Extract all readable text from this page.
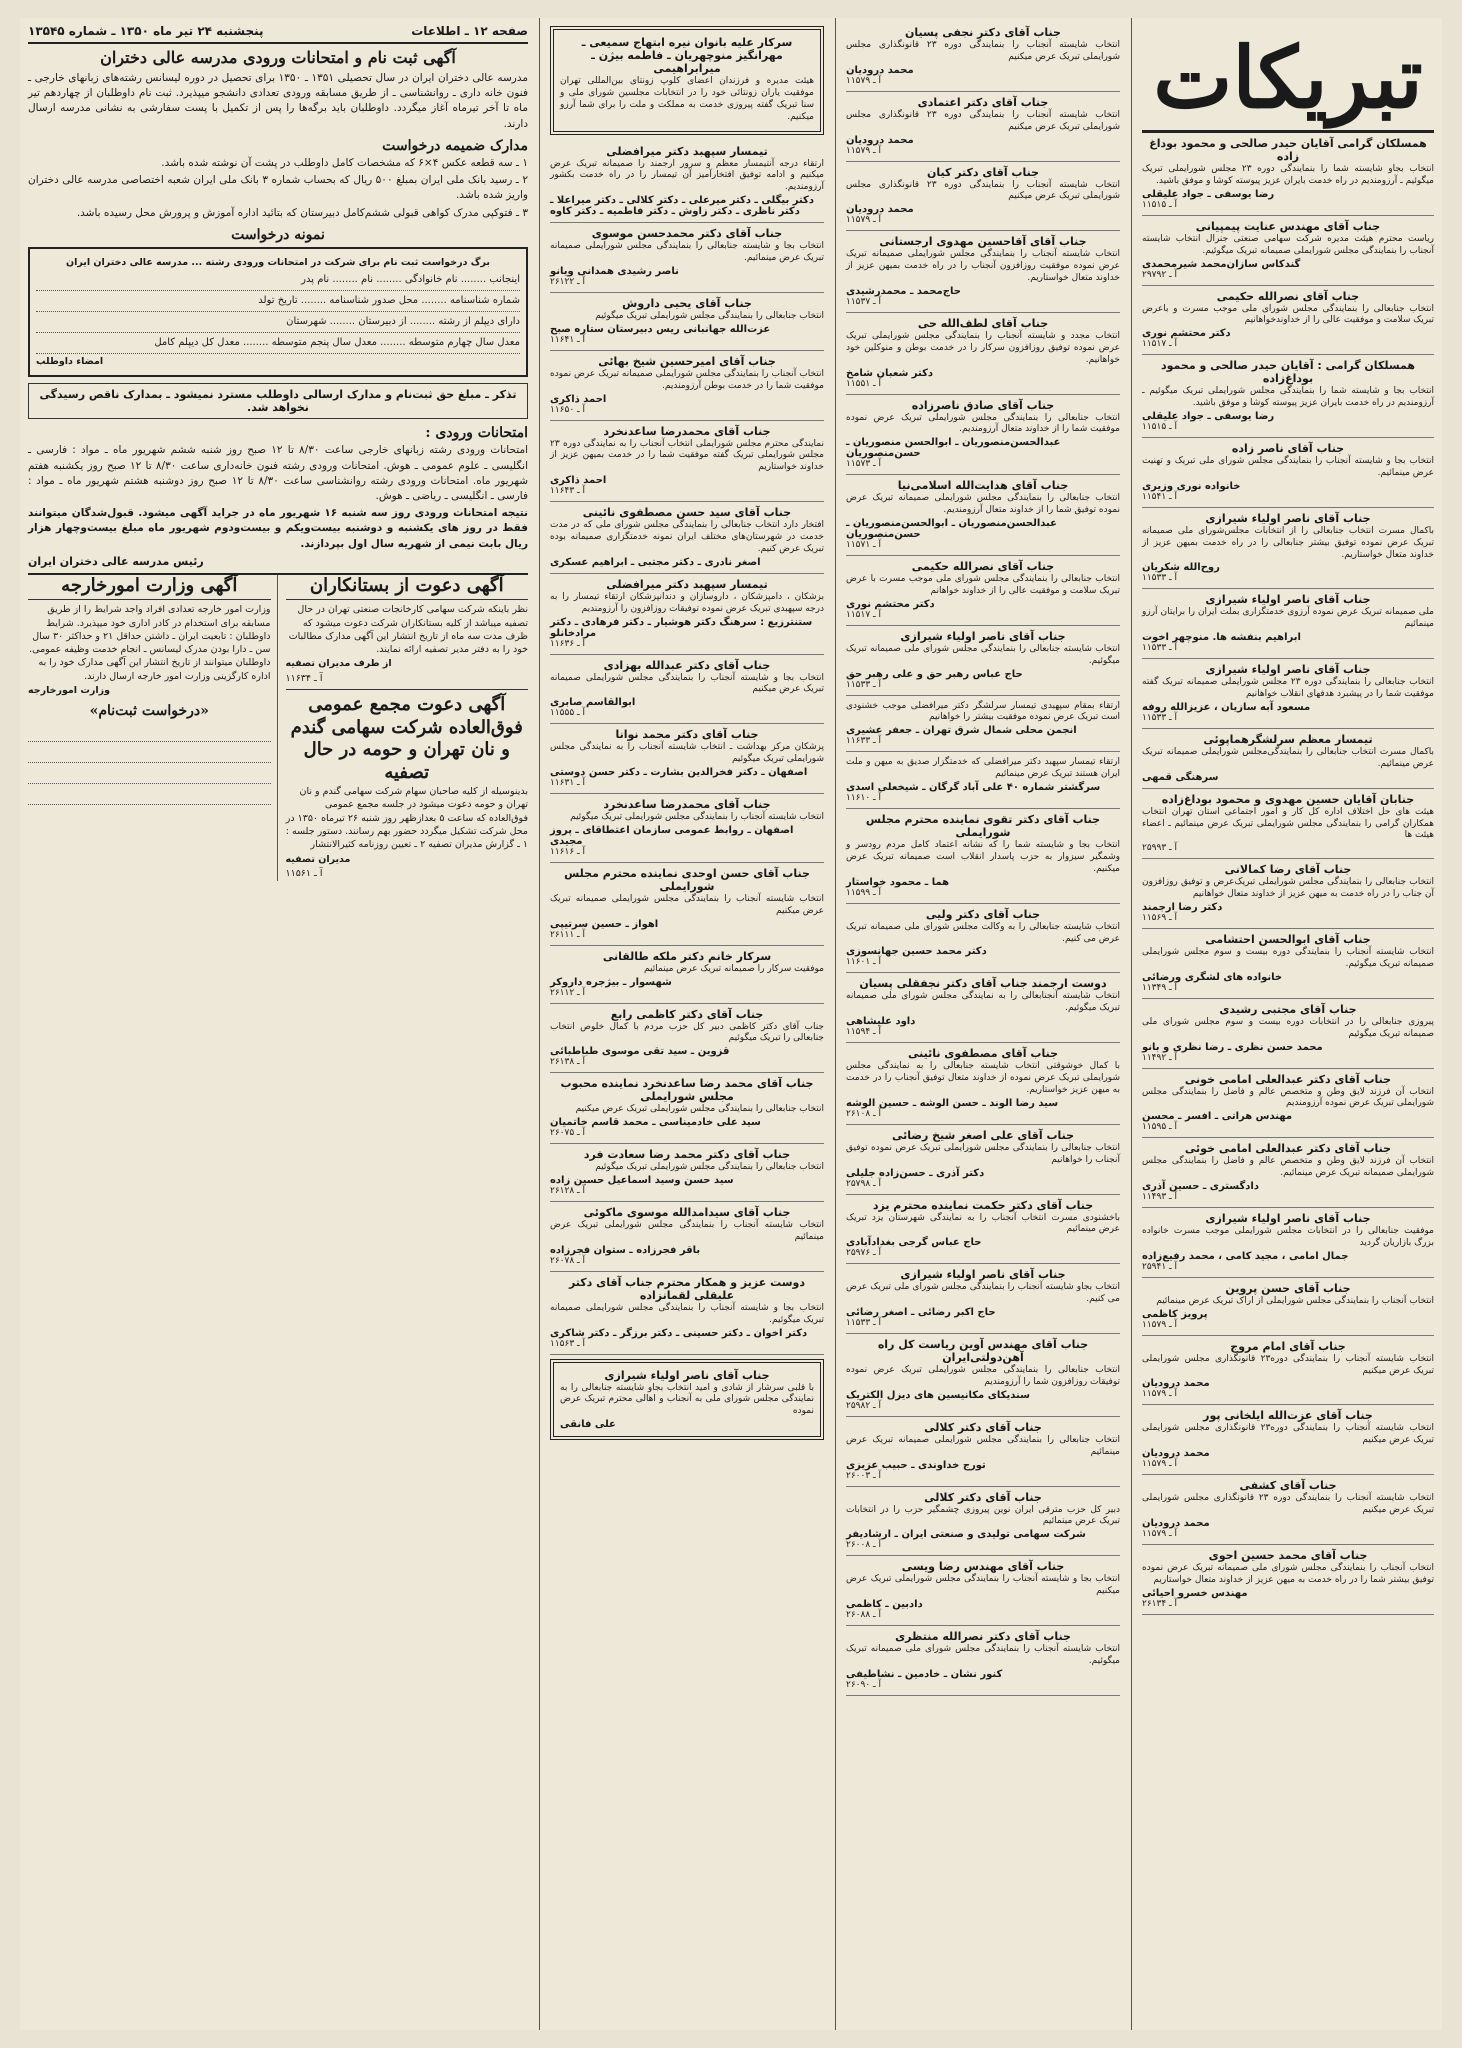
تبریکات
همسلکان گرامی آقایان حیدر صالحی و محمود بوداغ زاده

انتخاب بجاو شایسته شما را بنمایندگی دوره ۲۳ مجلس شورایملی تبریک میگوئیم ـ آرزومندیم در راه خدمت بایران عزیز پیوسته کوشا و موفق باشید.

رضا یوسفی ـ جواد علیقلی
آ ـ ۱۱۵۱۵
جناب آقای مهندس عنایت پیمپیانی

ریاست محترم هیئت مدیره شرکت سهامی صنعتی جنرال انتخاب شایسته آنجناب را بنمایندگی مجلس شورایملی صمیمانه تبریک میگوئیم.

گندکاس سازان‌محمد شیرمحمدی
آ ـ ۲۹۷۹۲
جناب آقای نصرالله حکیمی

انتخاب جنابعالی را بنمایندگی مجلس شورای ملی موجب مسرت و باعرض تبریک سلامت و موفقیت عالی را از خداوندخواهانیم

دکتر محتشم نوری
آ ـ ۱۱۵۱۷
همسلکان گرامی : آقایان حیدر صالحی و محمود بوداغ‌زاده

انتخاب بجا و شایسته شما را بنمایندگی مجلس شورایملی تبریک میگوئیم ـ آرزومندیم در راه خدمت بایران عزیز پیوسته کوشا و موفق باشید.

رضا یوسفی ـ جواد علیقلی
آ ـ ۱۱۵۱۵
جناب آقای ناصر زاده

انتخاب بجا و شایسته آنجناب را بنمایندگی مجلس شورای ملی تبریک و تهنیت عرض مینمائیم.

خانواده نوری وزیری
آ ـ ۱۱۵۴۱
جناب آقای ناصر اولیاء شیرازی

باکمال مسرت انتخاب جنابعالی را از انتخابات مجلس‌شورای ملی صمیمانه تبریک عرض نموده توفیق بیشتر جنابعالی را در راه خدمت بمیهن عزیز از خداوند متعال خواستاریم.

روح‌الله شکریان
آ ـ ۱۱۵۳۳
جناب آقای ناصر اولیاء شیرازی

ملی صمیمانه تبریک عرض نموده آرزوی خدمتگزاری بملت ایران را برایتان آرزو مینمائیم

ابراهیم بنفشه ها. منوچهر اخوت
آ ـ ۱۱۵۳۳
جناب آقای ناصر اولیاء شیرازی

انتخاب جنابعالی را بنمایندگی دوره ۲۳ مجلس شورایملی صمیمانه تبریک گفته موفقیت شما را در پیشبرد هدفهای انقلاب خواهانیم

مسعود آبه سازیان ، عزیزالله روفه
آ ـ ۱۱۵۳۳
تیمسار معظم سرلشگر‌هماپوئی

باکمال مسرت انتخاب جنابعالی را بنمایندگی‌مجلس شورایملی صمیمانه تبریک عرض مینمائیم.

سرهنگی قمهی
جنابان آقایان حسین مهدوی و محمود بوداغ‌زاده

هیئت های حل اختلاف اداره کل کار و امور اجتماعی استان تهران انتخاب همکاران گرامی را بنمایندگی مجلس شورایملی تبریک عرض مینمائیم ـ اعضاء هیئت ها

آ ـ ۲۵۹۹۳
جناب آقای رضا کمالانی

انتخاب جنابعالی را بنمایندگی مجلس شورایملی تبریک‌عرض و توفیق روزافزون آن جناب را در راه خدمت به میهن عزیز از خداوند متعال خواهانیم

دکتر رضا ارجمند
آ ـ ۱۱۵۶۹
جناب آقای ابوالحسن احتشامی

انتخاب شایسته آنجناب را بنمایندگی دوره بیست و سوم مجلس شورایملی صمیمانه تبریک میگوئیم.

خانواده های لشگری ورضائی
آ ـ ۱۱۳۴۹
جناب آقای مجتبی رشیدی

پیروزی جنابعالی را در انتخابات دوره بیست و سوم مجلس شورای ملی صمیمانه تبریک میگوئیم

محمد حسن نظری ـ رضا نظری و بانو
آ ـ ۱۱۴۹۲
جناب آقای دکتر عبدالعلی امامی خونی

انتخاب آن فرزند لایق وطن و متخصص عالم و فاضل را بنمایندگی مجلس شورایملی تبریک عرض نموده آرزومندیم

مهندس هراتی ـ افسر ـ محسن
آ ـ ۱۱۵۹۵
جناب آقای دکتر عبدالعلی امامی خوئی

انتخاب آن فرزند لایق وطن و متخصص عالم و فاضل را بنمایندگی مجلس شورایملی صمیمانه تبریک عرض مینمائیم.

دادگستری ـ حسین آذری
آ ـ ۱۱۴۹۳
جناب آقای ناصر اولیاء شیرازی

موفقیت جنابعالی را در انتخابات مجلس شورایملی موجب مسرت خانواده بزرگ بازاریان گردید

جمال امامی ، مجید کامی ، محمد رفیع‌زاده
آ ـ ۲۵۹۴۱
جناب آقای حسن پروین

انتخاب آنجناب را بنمایندگی مجلس شورایملی از اراک تبریک عرض مینمائیم

پرویز کاظمی
آ ـ ۱۱۵۷۹
جناب آقای امام مروج

انتخاب شایسته آنجناب را بنمایندگی دوره۲۳ قانونگذاری مجلس شورایملی تبریک عرض میکنیم

محمد درودیان
آ ـ ۱۱۵۷۹
جناب آقای عزت‌الله ایلخانی پور

انتخاب شایسته آنجناب را بنمایندگی دوره۲۳ قانونگذاری مجلس شورایملی تبریک عرض میکنیم

محمد درودیان
آ ـ ۱۱۵۷۹
جناب آقای کشفی

انتخاب شایسته آنجناب را بنمایندگی دوره ۲۳ قانونگذاری مجلس شورایملی تبریک عرض میکنیم

محمد درودیان
آ ـ ۱۱۵۷۹
جناب آقای محمد حسین احوی

انتخاب آنجناب را بنمایندگی مجلس شورای ملی صمیمانه تبریک عرض نموده توفیق بیشتر شما را در راه خدمت به میهن عزیز از خداوند متعال خواستاریم

مهندس خسرو احیائی
آ ـ ۲۶۱۳۴
جناب آقای دکتر نجفی پسیان

انتخاب شایسته آنجناب را بنمایندگی دوره ۲۳ قانونگذاری مجلس شورایملی تبریک عرض میکنیم

محمد درودیان
آ ـ ۱۱۵۷۹
جناب آقای دکتر اعتمادی

انتخاب شایسته آنجناب را بنمایندگی دوره ۲۳ قانونگذاری مجلس شورایملی تبریک عرض میکنیم

محمد درودیان
آ ـ ۱۱۵۷۹
جناب آقای دکتر کیان

انتخاب شایسته آنجناب را بنمایندگی دوره ۲۳ قانونگذاری مجلس شورایملی تبریک عرض میکنیم

محمد درودیان
آ ـ ۱۱۵۷۹
جناب آقای آقاحسین مهدوی ارجستانی

انتخاب شایسته آنجناب را بنمایندگی مجلس شورایملی صمیمانه تبریک عرض نموده موفقیت روزافزون آنجناب را در راه خدمت بمیهن عزیز از خداوند متعال خواستاریم.

حاج‌محمد ـ محمدرشیدی
آ ـ ۱۱۵۳۷
جناب آقای لطف‌الله حی

انتخاب مجدد و شایسته آنجناب را بنمایندگی مجلس شورایملی تبریک عرض نموده توفیق روزافزون سرکار را در خدمت بوطن و منوکلین خود خواهانیم.

دکتر شعبان شامخ
آ ـ ۱۱۵۵۱
جناب آقای صادق ناصرزاده

انتخاب جنابعالی را بنمایندگی مجلس شورایملی تبریک عرض نموده موفقیت شما را از خداوند متعال آرزومندیم.

عبدالحسن‌منصوریان ـ ابوالحسن منصوریان ـ حسن‌منصوریان
آ ـ ۱۱۵۷۳
جناب آقای هدایت‌الله اسلامی‌نیا

انتخاب جنابعالی را بنمایندگی مجلس شورایملی صمیمانه تبریک عرض نموده توفیق شما را از خداوند متعال آرزومندیم.

عبدالحسن‌منصوریان ـ ابوالحسن‌منصوریان ـ حسن‌منصوریان
آ ـ ۱۱۵۷۱
جناب آقای نصرالله حکیمی

انتخاب جنابعالی را بنمایندگی مجلس شورای ملی موجب مسرت با عرض تبریک سلامت و موفقیت عالی را از خداوند خواهانم

دکتر محتشم نوری
آ ـ ۱۱۵۱۷
جناب آقای ناصر اولیاء شیرازی

انتخاب شایسته جنابعالی را بنمایندگی مجلس شورای ملی صمیمانه تبریک میگوئیم.

حاج عباس رهبر حق و علی رهبر حق
آ ـ ۱۱۵۳۳

ارتقاء بمقام سپهبدی تیمسار سرلشگر دکتر میرافضلی موجب خشنودی است تبریک عرض نموده موفقیت بیشتر را خواهانیم

انجمن محلی شمال شرق تهران ـ جعفر عشیری
آ ـ ۱۱۶۳۳

ارتقاء تیمسار سپهبد دکتر میرافضلی که خدمتگزار صدیق به میهن و ملت ایران هستند تبریک عرض مینمائیم

سرگشتر شماره ۴۰ علی آباد گرگان ـ شیخعلی اسدی
آ ـ ۱۱۶۱۰
جناب آقای دکتر تقوی نماینده محترم مجلس شورایملی

انتخاب بجا و شایسته شما را که نشانه اعتماد کامل مردم رودسر و وشمگیر سیزوار به حزب پاسدار انقلاب است صمیمانه تبریک عرض میکنیم.

هما ـ محمود خواستار
آ ـ ۱۱۵۹۹
جناب آقای دکتر ولیی

انتخاب شایسته جنابعالی را به وکالت مجلس شورای ملی صمیمانه تبریک عرض می کنیم.

دکتر محمد حسین جهانسوزی
آ ـ ۱۱۶۰۱
دوست ارجمند جناب آقای دکتر نجفقلی پسیان

انتخاب شایسته آنجنابعالی را به نمایندگی مجلس شورای ملی صمیمانه تبریک میگوئیم.

داود علیشاهی
آ ـ ۱۱۵۹۴
جناب آقای مصطفوی نائینی

با کمال خوشوقتی انتخاب شایسته جنابعالی را به نمایندگی مجلس شورایملی تبریک عرض نموده از خداوند متعال توفیق آنجناب را در خدمت به میهن عزیز خواستاریم.

سید رضا الوند ـ حسن الوشه ـ حسین الوشه
آ ـ ۲۶۱۰۸
جناب آقای علی اصغر شیخ رضائی

انتخاب جنابعالی را بنمایندگی مجلس شورایملی تبریک عرض نموده توفیق آنجناب را خواهانیم

دکتر آذری ـ حسن‌زاده جلیلی
آ ـ ۲۵۷۹۸
جناب آقای دکتر حکمت نماینده محترم یزد

باخشنودی مسرت انتخاب آنجناب را به نمایندگی شهرستان یزد تبریک عرض مینمائیم

حاج عباس گرجی بغداد‌آبادی
آ ـ ۲۵۹۷۶
جناب آقای ناصر اولیاء شیرازی

انتخاب بجاو شایسته آنجناب را بنمایندگی مجلس شورای ملی تبریک عرض می کنیم.

حاج اکبر رضائی ـ اصغر رضائی
آ ـ ۱۱۵۳۳
جناب آقای مهندس آوین ریاست کل راه آهن‌دولتی‌ایران

انتخاب جنابعالی را بنمایندگی مجلس شورایملی تبریک عرض نموده توفیقات روزافزون شما را آرزومندیم

سندیکای مکانیسین های دیزل الکتریک
آ ـ ۲۵۹۸۲
جناب آقای دکتر کلالی

انتخاب جنابعالی را بنمایندگی مجلس شورایملی صمیمانه تبریک عرض مینمائیم

تورج خداوندی ـ حبیب عزیزی
آ ـ ۲۶۰۰۳
جناب آقای دکتر کلالی

دبیر کل حزب مترقی ایران نوین پیروزی چشمگیر حزب را در انتخابات تبریک عرض مینمائیم

شرکت سهامی تولیدی و صنعتی ایران ـ ارشادیفر
آ ـ ۲۶۰۰۸
جناب آقای مهندس رضا ویسی

انتخاب بجا و شایسته آنجناب را بنمایندگی مجلس شورایملی تبریک عرض میکنیم

دادبین ـ کاظمی
آ ـ ۲۶۰۸۸
جناب آقای دکتر نصرالله منتظری

انتخاب شایسته آنجناب را بنمایندگی مجلس شورای ملی صمیمانه تبریک میگوئیم.

کنور نشان ـ خادمین ـ نشاطیفی
آ ـ ۲۶۰۹۰
سرکار علیه بانوان نیره ابتهاج سمیعی ـ مهرانگیز منوچهریان ـ فاطمه بیژن ـ میرابراهیمی

هیئت مدیره و فرزندان اعضای کلوپ زونتای بین‌المللی تهران موفقیت یاران زونتائی خود را در انتخابات مجلسین شورای ملی و سنا تبریک گفته پیروزی خدمت به مملکت و ملت را برای شما آرزو میکنیم.

تیمسار سپهبد دکتر میرافضلی

ارتقاء درجه آنتیمسار معظم و سرور ارجمند را صمیمانه تبریک عرض میکنیم و ادامه توفیق افتخارآمیز آن تیمسار را در راه خدمت بکشور آرزومندیم.

دکتر بیگلی ـ دکتر میرعلی ـ دکتر کلالی ـ دکتر میراعلا ـ دکتر ناظری ـ دکتر زاوش ـ دکتر فاطمیه ـ دکتر کاوه
جناب آقای دکتر محمدحسن موسوی

انتخاب بجا و شایسته جنابعالی را بنمایندگی مجلس شورایملی صمیمانه تبریک عرض مینمائیم.

ناصر رشیدی همدانی ویانو
آ ـ ۲۶۱۲۲
جناب آقای یحیی داروش

انتخاب جنابعالی را بنمایندگی مجلس شورایملی تبریک میگوئیم

عزت‌الله جهانبانی ریس دبیرستان ستاره صبح
آ ـ ۱۱۶۴۱
جناب آقای امیرحسین شیخ بهائی

انتخاب آنجناب را بنمایندگی مجلس شورایملی صمیمانه تبریک عرض نموده موفقیت شما را در خدمت بوطن آرزومندیم.

احمد ذاکری
آ ـ ۱۱۶۵۰
جناب آقای محمدرضا ساعدنخرد

نمایندگی محترم مجلس شورایملی انتخاب آنجناب را به نمایندگی دوره ۲۳ مجلس شورایملی تبریک گفته موفقیت شما را در خدمت بمیهن عزیز از خداوند خواستاریم

احمد ذاکری
آ ـ ۱۱۶۴۳
جناب آقای سید حسن مصطفوی نائینی

افتخار دارد انتخاب جنابعالی را بنمایندگی مجلس شورای ملی که در مدت خدمت در شهرستان‌های مختلف ایران نمونه خدمتگزاری صمیمانه بوده تبریک عرض کنیم.

اصغر نادری ـ دکتر مجتبی ـ ابراهیم عسکری
تیمسار سپهبد دکتر میرافضلی

بزشکان ، دامپزشکان ، داروسازان و دندانپزشکان ارتقاء تیمسار را به درجه سپهبدی تبریک عرض نموده توفیقات روزافزون را آرزومندیم

ستنترزیع : سرهنگ دکتر هوشیار ـ دکتر فرهادی ـ دکتر مرادخانلو
آ ـ ۱۱۶۳۶
جناب آقای دکتر عبدالله بهزادی

انتخاب بجا و شایسته آنجناب را بنمایندگی مجلس شورایملی صمیمانه تبریک عرض میکنیم

ابوالقاسم صابری
آ ـ ۱۱۵۵۵
جناب آقای دکتر محمد نوانا

پزشکان مرکز بهداشت ـ انتخاب شایسته آنجناب را به نمایندگی مجلس شورایملی تبریک میگوئیم

اصفهان ـ دکتر فخرالدین بشارت ـ دکتر حسن دوستی
آ ـ ۱۱۶۳۱
جناب آقای محمدرضا ساعدنخرد

انتخاب شایسته آنجناب را بنمایندگی مجلس شورایملی تبریک میگوئیم

اصفهان ـ روابط عمومی سازمان اعتطاقای ـ پروز مجیدی
آ ـ ۱۱۶۱۶
جناب آقای حسن اوحدی نماینده محترم مجلس شورایملی

انتخاب شایسته آنجناب را بنمایندگی مجلس شورایملی صمیمانه تبریک عرض میکنیم

اهواز ـ حسین سرتیپی
آ ـ ۲۶۱۱۱
سرکار خانم دکتر ملکه طالقانی

موفقیت سرکار را صمیمانه تبریک عرض مینمائیم

شهسوار ـ بیژجره داروکر
آ ـ ۲۶۱۱۲
جناب آقای دکتر کاظمی رابع

جناب آقای دکتر کاظمی دبیر کل حزب مردم با کمال خلوص انتخاب جنابعالی را تبریک میگوئیم

قزوین ـ سید تقی موسوی طباطبائی
آ ـ ۲۶۱۳۸
جناب آقای محمد رضا ساعدنخرد نماینده محبوب مجلس شورایملی

انتخاب جنابعالی را بنمایندگی مجلس شورایملی تبریک عرض میکنیم

سید علی خادمیناسی ـ محمد قاسم خاتمیان
آ ـ ۲۶۰۷۵
جناب آقای دکتر محمد رضا سعادت فرد

انتخاب جنابعالی را بنمایندگی مجلس شورایملی تبریک میگوئیم

سید حسن وسید اسماعیل حسین زاده
آ ـ ۲۶۱۲۸
جناب آقای سیدامدالله موسوی ماکوئی

انتخاب شایسته آنجناب را بنمایندگی مجلس شورایملی تبریک عرض مینمائیم

باقر فجرزاده ـ ستوان فجرزاده
آ ـ ۲۶۰۷۸
دوست عزیز و همکار محترم جناب آقای دکتر علیقلی لقمانزاده

انتخاب بجا و شایسته آنجناب را بنمایندگی مجلس شورایملی صمیمانه تبریک میگوئیم.

دکتر اخوان ـ دکتر حسینی ـ دکتر برزگر ـ دکتر شاکری
آ ـ ۱۱۵۶۳
جناب آقای ناصر اولیاء شیرازی

با قلبی سرشار از شادی و امید انتخاب بجاو شایسته جنابعالی را به نمایندگی مجلس شورای ملی به آنجناب و اهالی محترم تبریک عرض نموده

علی فانقی
صفحه ۱۲ ـ اطلاعات
پنجشنبه ۲۴ تیر ماه ۱۳۵۰ ـ شماره ۱۳۵۴۵
آگهی ثبت نام و امتحانات ورودی مدرسه عالی دختران

مدرسه عالی دختران ایران در سال تحصیلی ۱۳۵۱ ـ ۱۳۵۰ برای تحصیل در دوره لیسانس رشته‌های زبانهای خارجی ـ فنون خانه داری ـ روانشناسی ـ از طریق مسابقه ورودی تعدادی دانشجو میپذیرد. ثبت نام داوطلبان از چهاردهم تیر ماه تا آخر تیرماه آغاز میگردد. داوطلبان باید برگه‌ها را پس از تکمیل با پست سفارشی به نشانی مدرسه ارسال دارند.

مدارک ضمیمه درخواست

۱ ـ سه قطعه عکس ۴×۶ که مشخصات کامل داوطلب در پشت آن نوشته شده باشد.

۲ ـ رسید بانک ملی ایران بمبلغ ۵۰۰ ریال که بحساب شماره ۳ بانک ملی ایران شعبه اختصاصی مدرسه عالی دختران واریز شده باشد.

۳ ـ فتوکپی مدرک کواهی قبولی ششم‌کامل دبیرستان که بتائید اداره آموزش و پرورش محل رسیده باشد.

نمونه درخواست
برگ درخواست ثبت نام برای شرکت در امتحانات ورودی رشته ... مدرسه عالی دختران ایران
اینجانب ........ نام خانوادگی ........ نام ........ نام پدر
شماره شناسنامه ........ محل صدور شناسنامه ........ تاریخ تولد
دارای دیپلم از رشته ........ از دبیرستان ........ شهرستان
معدل سال چهارم متوسطه ........ معدل سال پنجم متوسطه ........ معدل کل دیپلم کامل
امضاء داوطلب
تذکر ـ مبلغ حق ثبت‌نام و مدارک ارسالی داوطلب مسترد نمیشود ـ بمدارک ناقص رسیدگی نخواهد شد.
امتحانات ورودی :

امتحانات ورودی رشته زبانهای خارجی ساعت ۸/۳۰ تا ۱۲ صبح روز شنبه ششم شهریور ماه ـ مواد : فارسی ـ انگلیسی ـ علوم عمومی ـ هوش. امتحانات ورودی رشته فنون خانه‌داری ساعت ۸/۳۰ تا ۱۲ صبح روز یکشنبه هفتم شهریور ماه. امتحانات ورودی رشته روانشناسی ساعت ۸/۳۰ تا ۱۲ صبح روز دوشنبه هشتم شهریور ماه ـ مواد : فارسی ـ انگلیسی ـ ریاضی ـ هوش.

نتیجه امتحانات ورودی روز سه شنبه ۱۶ شهریور ماه در جراید آگهی میشود. قبول‌شدگان میتوانند فقط در روز های یکشنبه و دوشنبه بیست‌ویکم و بیست‌ودوم شهریور ماه مبلغ بیست‌وچهار هزار ریال بابت نیمی از شهریه سال اول بپردازند.

رئیس مدرسه عالی دختران ایران
آگهی دعوت از بستانکاران

نظر باینکه شرکت سهامی کارخانجات صنعتی تهران در حال تصفیه میباشد از کلیه بستانکاران شرکت دعوت میشود که ظرف مدت سه ماه از تاریخ انتشار این آگهی مدارک مطالبات خود را به دفتر مدیر تصفیه ارائه نمایند.

از طرف مدیران تصفیه
آ ـ ۱۱۶۳۴
آگهی دعوت مجمع عمومی فوق‌العاده شرکت سهامی گندم و نان تهران و حومه در حال تصفیه

بدینوسیله از کلیه صاحبان سهام شرکت سهامی گندم و نان تهران و حومه دعوت میشود در جلسه مجمع عمومی فوق‌العاده که ساعت ۵ بعدازظهر روز شنبه ۲۶ تیرماه ۱۳۵۰ در محل شرکت تشکیل میگردد حضور بهم رسانند. دستور جلسه : ۱ ـ گزارش مدیران تصفیه ۲ ـ تعیین روزنامه کثیرالانتشار

مدیران تصفیه
آ ـ ۱۱۵۶۱
آگهی وزارت امورخارجه

وزارت امور خارجه تعدادی افراد واجد شرایط را از طریق مسابقه برای استخدام در کادر اداری خود میپذیرد. شرایط داوطلبان : تابعیت ایران ـ داشتن حداقل ۲۱ و حداکثر ۳۰ سال سن ـ دارا بودن مدرک لیسانس ـ انجام خدمت وظیفه عمومی. داوطلبان میتوانند از تاریخ انتشار این آگهی مدارک خود را به اداره کارگزینی وزارت امور خارجه ارسال دارند.

وزارت امورخارجه
«درخواست ثبت‌نام»
